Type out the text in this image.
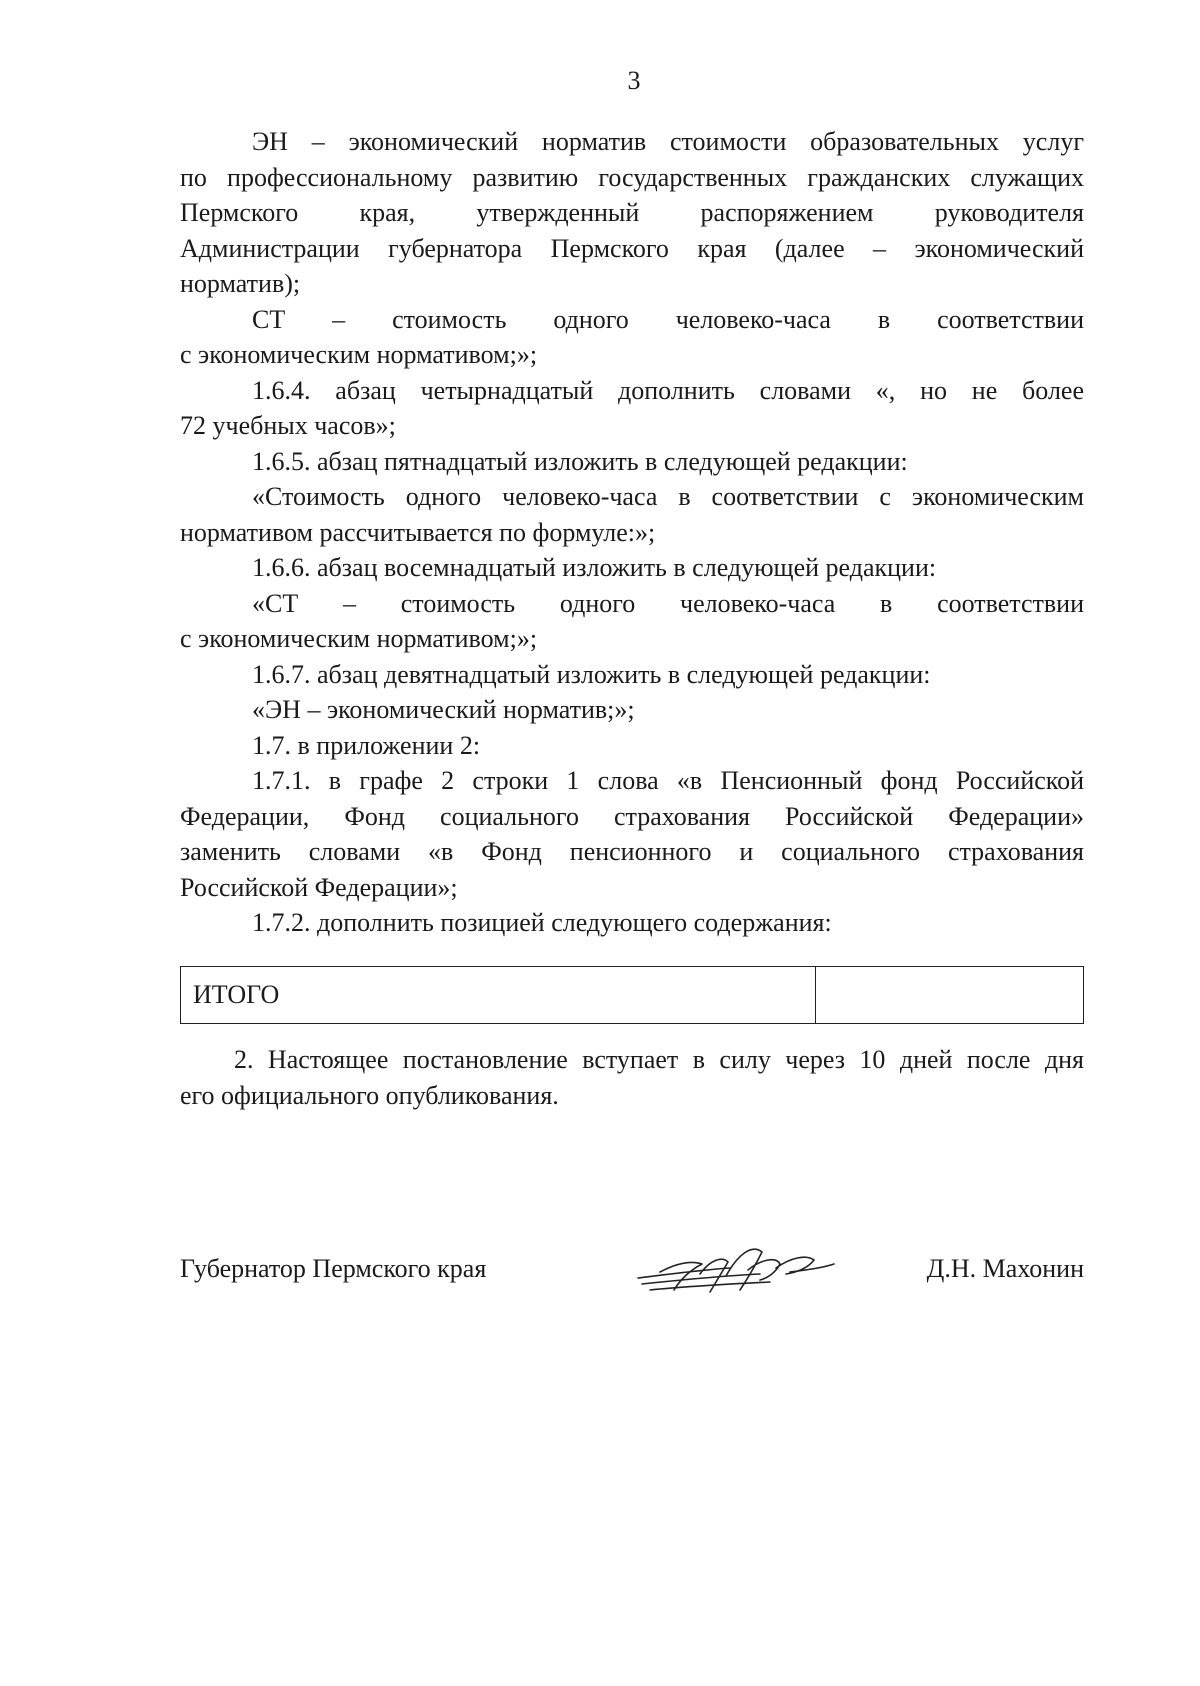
3
ЭН – экономический норматив стоимости образовательных услуг
по профессиональному развитию государственных гражданских служащих
Пермского края, утвержденный распоряжением руководителя
Администрации губернатора Пермского края (далее – экономический
норматив);
СТ – стоимость одного человеко-часа в соответствии
с экономическим нормативом;»;
1.6.4. абзац четырнадцатый дополнить словами «, но не более
72 учебных часов»;
1.6.5. абзац пятнадцатый изложить в следующей редакции:
«Стоимость одного человеко-часа в соответствии с экономическим
нормативом рассчитывается по формуле:»;
1.6.6. абзац восемнадцатый изложить в следующей редакции:
«СТ – стоимость одного человеко-часа в соответствии
с экономическим нормативом;»;
1.6.7. абзац девятнадцатый изложить в следующей редакции:
«ЭН – экономический норматив;»;
1.7. в приложении 2:
1.7.1. в графе 2 строки 1 слова «в Пенсионный фонд Российской
Федерации, Фонд социального страхования Российской Федерации»
заменить словами «в Фонд пенсионного и социального страхования
Российской Федерации»;
1.7.2. дополнить позицией следующего содержания:
ИТОГО	
2. Настоящее постановление вступает в силу через 10 дней после дня
его официального опубликования.
Губернатор Пермского края	Д.Н. Махонин
